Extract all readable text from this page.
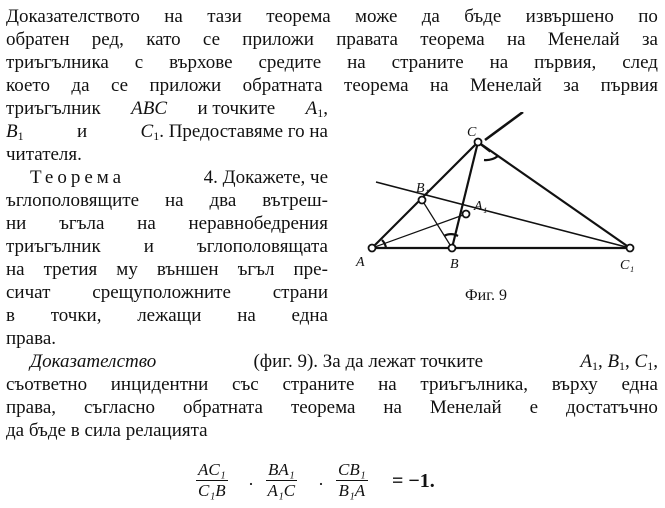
Доказателството на тази теорема може да бъде извършено по
обратен ред, като се приложи правата теорема на Менелай за
триъгълника с върхове средите на страните на първия, след
което да се приложи обратната теорема на Менелай за първия
триъгълник ABC и точките $A_1$,
$B_1$	и	$C_1$. Предоставяме го на
читателя.
Теорема	4. Докажете, че
ъглополовящите на два вътреш-
ни ъгъла на неравнобедрения
триъгълник и ъглополовящата
на третия му външен ъгъл пре-
сичат срещуположните страни
в точки, лежащи на една
права.
Доказателство	(фиг. 9). За да лежат точките	$A_1$, $B_1$, $C_1$,
съответно инцидентни със страните на триъгълника, върху една
права, съгласно обратната теорема на Менелай е достатъчно
да бъде в сила релацията
A	B
C
A₁
B₁
C₁
Фиг. 9
$\frac{\text{AC₁}}{\text{C₁B}} \cdot \frac{\text{BA₁}}{\text{A₁C}} \cdot \frac{\text{CB₁}}{\text{B₁A}} = -1$.
